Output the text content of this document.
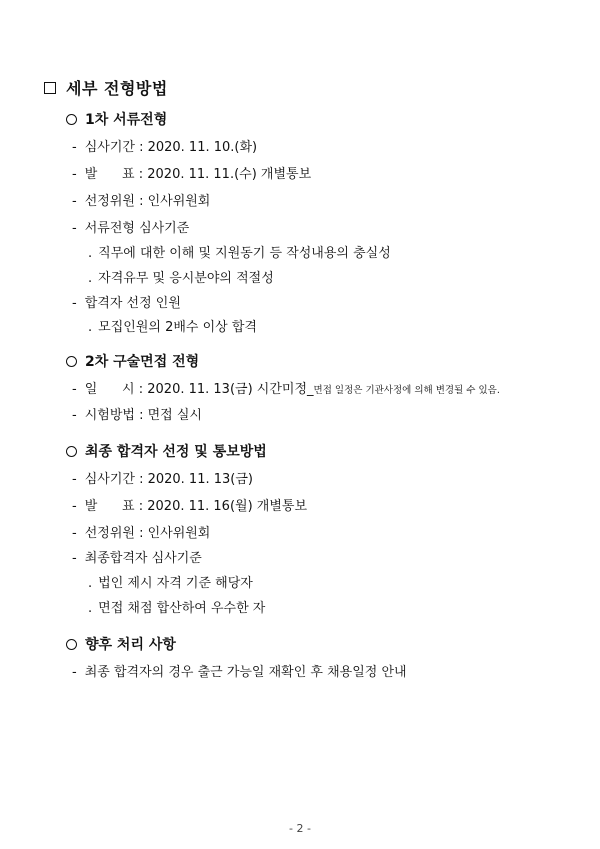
세부 전형방법
1차 서류전형
- 심사기간 : 2020. 11. 10.(화)
- 발      표 : 2020. 11. 11.(수) 개별통보
- 선정위원 : 인사위원회
- 서류전형 심사기준
. 직무에 대한 이해 및 지원동기 등 작성내용의 충실성
. 자격유무 및 응시분야의 적절성
- 합격자 선정 인원
. 모집인원의 2배수 이상 합격
2차 구술면접 전형
- 일      시 : 2020. 11. 13(금) 시간미정_ 면접 일정은 기관사정에 의해 변경될 수 있음.
- 시험방법 : 면접 실시
최종 합격자 선정 및 통보방법
- 심사기간 : 2020. 11. 13(금)
- 발      표 : 2020. 11. 16(월) 개별통보
- 선정위원 : 인사위원회
- 최종합격자 심사기준
. 법인 제시 자격 기준 해당자
. 면접 채점 합산하여 우수한 자
향후 처리 사항
- 최종 합격자의 경우 출근 가능일 재확인 후 채용일정 안내
- 2 -
